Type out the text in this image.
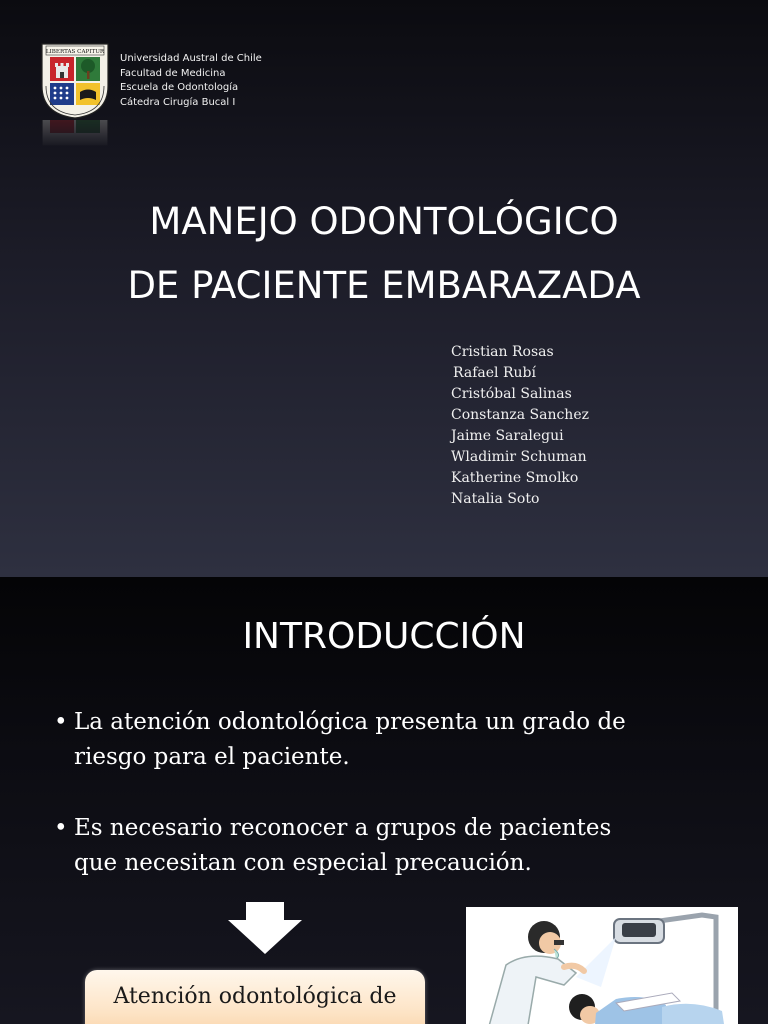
LIBERTAS CAPITUR
Universidad Austral de Chile
Facultad de Medicina
Escuela de Odontología
Cátedra Cirugía Bucal I
MANEJO ODONTOLÓGICO
DE PACIENTE EMBARAZADA
Cristian Rosas
Rafael Rubí
Cristóbal Salinas
Constanza Sanchez
Jaime Saralegui
Wladimir Schuman
Katherine Smolko
Natalia Soto
INTRODUCCIÓN
• La atención odontológica presenta un grado de
riesgo para el paciente.
• Es necesario reconocer a grupos de pacientes
que necesitan con especial precaución.
Atención odontológica de
